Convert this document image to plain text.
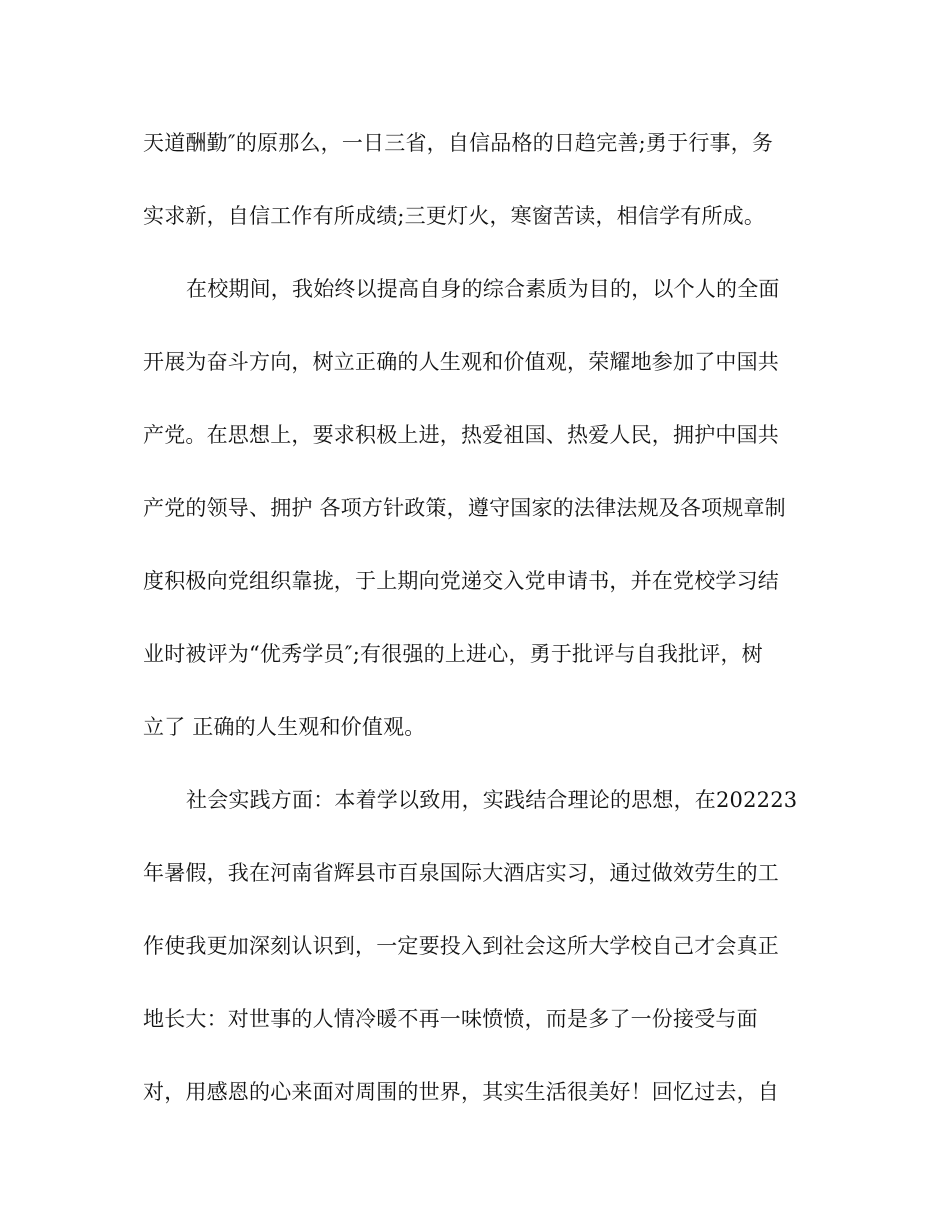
天道酬勤″的原那么，一日三省，自信品格的日趋完善;勇于行事，务
实求新，自信工作有所成绩;三更灯火，寒窗苦读，相信学有所成。
在校期间，我始终以提高自身的综合素质为目的，以个人的全面
开展为奋斗方向，树立正确的人生观和价值观，荣耀地参加了中国共
产党。在思想上，要求积极上进，热爱祖国、热爱人民，拥护中国共
产党的领导、拥护 各项方针政策，遵守国家的法律法规及各项规章制
度积极向党组织靠拢，于上期向党递交入党申请书，并在党校学习结
业时被评为“优秀学员″;有很强的上进心，勇于批评与自我批评，树
立了 正确的人生观和价值观。
社会实践方面：本着学以致用，实践结合理论的思想，在202223
年暑假，我在河南省辉县市百泉国际大酒店实习，通过做效劳生的工
作使我更加深刻认识到，一定要投入到社会这所大学校自己才会真正
地长大：对世事的人情冷暖不再一味愤愤，而是多了一份接受与面
对，用感恩的心来面对周围的世界，其实生活很美好！回忆过去，自
